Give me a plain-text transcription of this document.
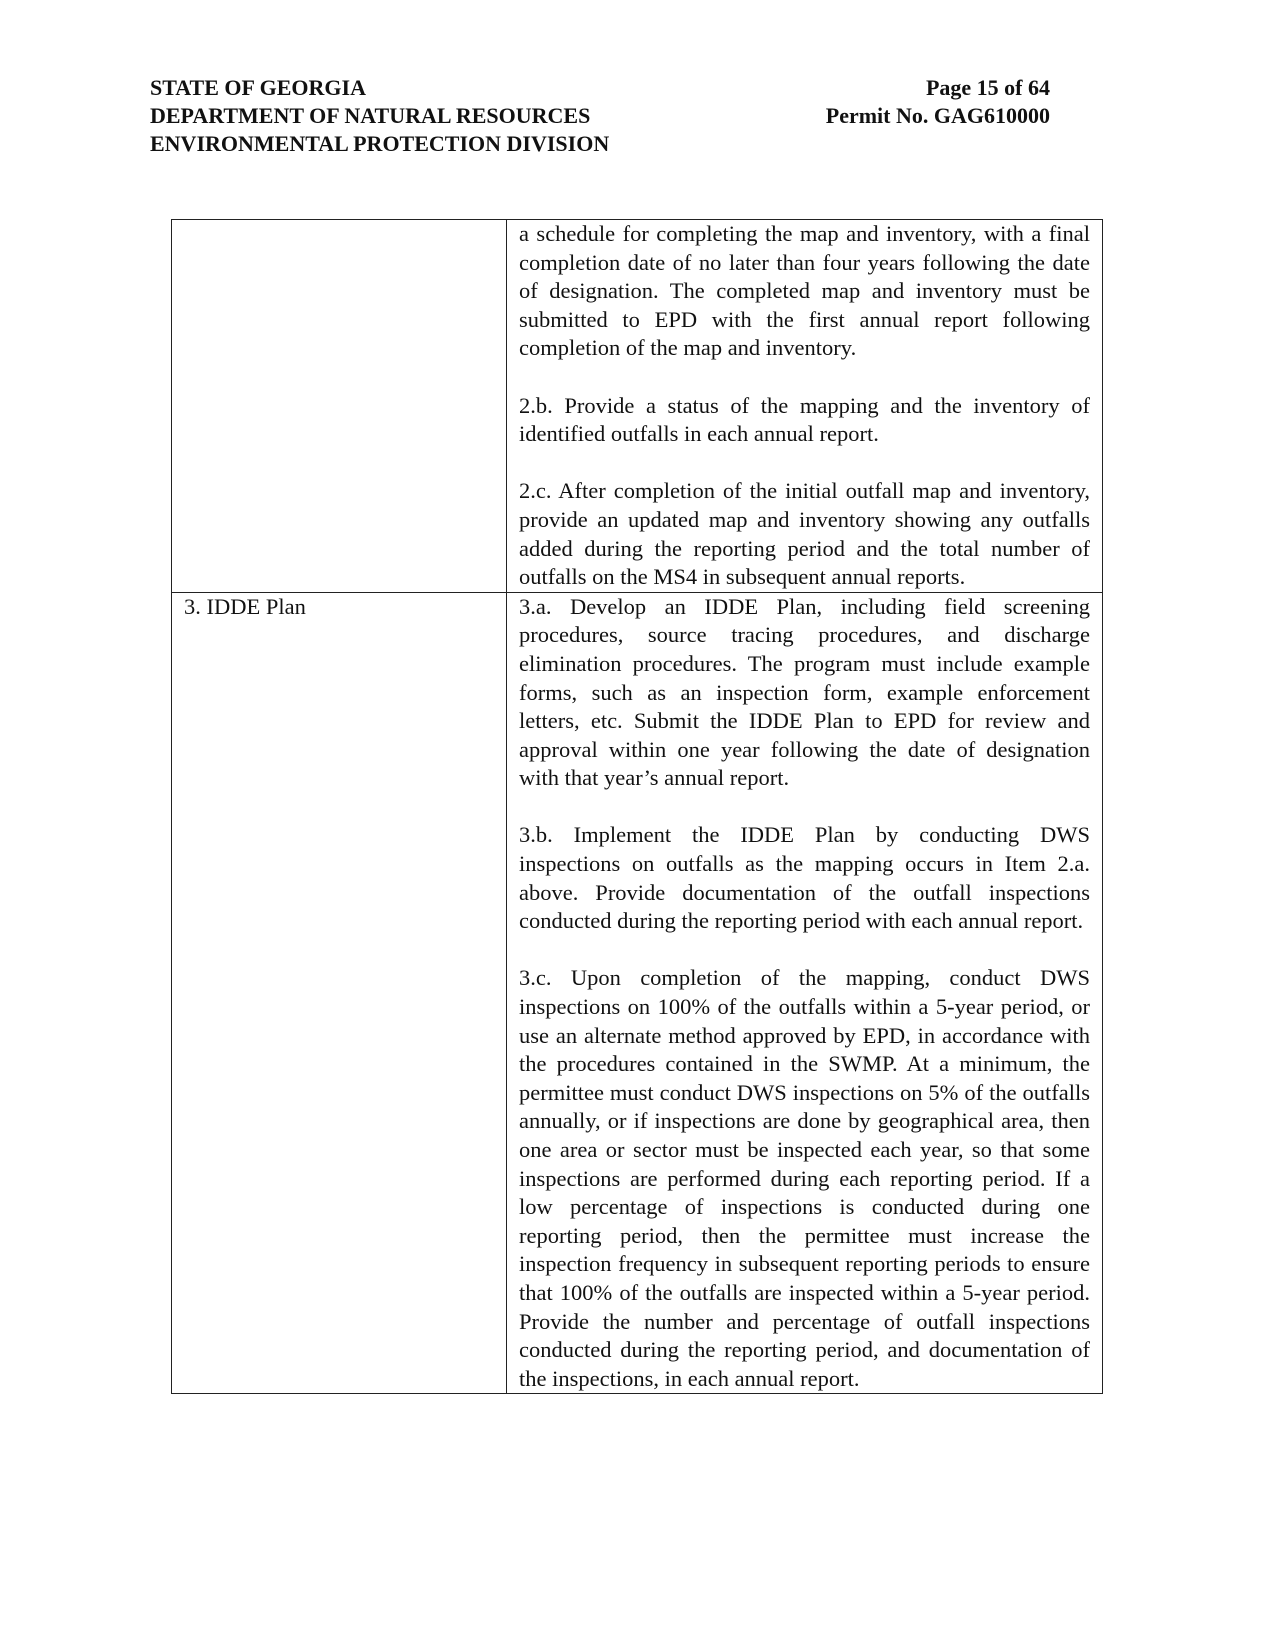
STATE OF GEORGIA
DEPARTMENT OF NATURAL RESOURCES
ENVIRONMENTAL PROTECTION DIVISION
Page 15 of 64
Permit No. GAG610000

	a schedule for completing the map and inventory, with a final completion date of no later than four years following the date of designation. The completed map and inventory must be submitted to EPD with the first annual report following completion of the map and inventory.

2.b. Provide a status of the mapping and the inventory of identified outfalls in each annual report.

2.c. After completion of the initial outfall map and inventory, provide an updated map and inventory showing any outfalls added during the reporting period and the total number of outfalls on the MS4 in subsequent annual reports.

3. IDDE Plan	3.a. Develop an IDDE Plan, including field screening procedures, source tracing procedures, and discharge elimination procedures. The program must include example forms, such as an inspection form, example enforcement letters, etc. Submit the IDDE Plan to EPD for review and approval within one year following the date of designation with that year’s annual report.

3.b. Implement the IDDE Plan by conducting DWS inspections on outfalls as the mapping occurs in Item 2.a. above. Provide documentation of the outfall inspections conducted during the reporting period with each annual report.

3.c. Upon completion of the mapping, conduct DWS inspections on 100% of the outfalls within a 5-year period, or use an alternate method approved by EPD, in accordance with the procedures contained in the SWMP. At a minimum, the permittee must conduct DWS inspections on 5% of the outfalls annually, or if inspections are done by geographical area, then one area or sector must be inspected each year, so that some inspections are performed during each reporting period. If a low percentage of inspections is conducted during one reporting period, then the permittee must increase the inspection frequency in subsequent reporting periods to ensure that 100% of the outfalls are inspected within a 5-year period. Provide the number and percentage of outfall inspections conducted during the reporting period, and documentation of the inspections, in each annual report.
